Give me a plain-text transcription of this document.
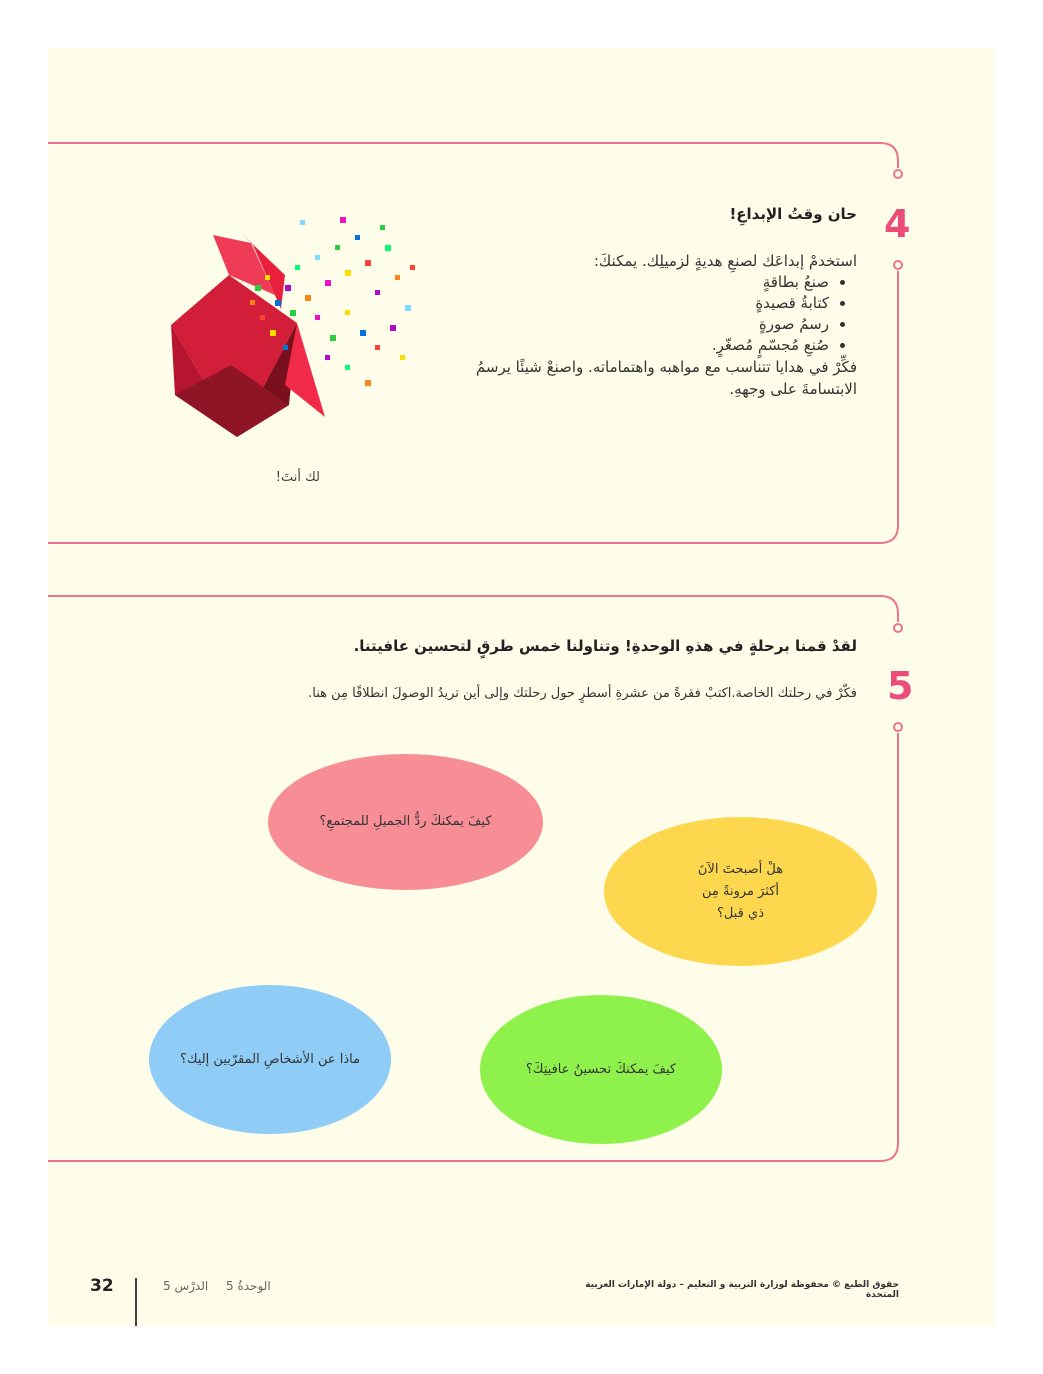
4
حان وقتُ الإبداعِ!
استخدمْ إبداعَك لصنعِ هديةٍ لزميلِك. يمكنكَ:
• صنعُ بطاقةٍ
• كتابةُ قصيدةٍ
• رسمُ صورةٍ
• صُنعِ مُجسّمٍ مُصغّرٍ.
فكِّرْ في هدايا تتناسب مع مواهبه واهتماماته. واصنعْ شيئًا يرسمُ الابتسامةَ على وجههِ.
لك أنتَ!
5
لقدْ قمنا برحلةٍ في هذهِ الوحدةِ! وتناولنا خمس طرقٍ لتحسين عافيتنا.
فكّرْ في رحلتك الخاصة.اكتبْ فقرةً من عشرةِ أسطرٍ حول رحلتك وإلى أين تريدُ الوصولَ انطلاقًا مِن هنا.
كيفَ يمكنكَ ردُّ الجميلِ للمجتمعِ؟
هلْ أصبحتَ الآنَ أكثرَ مرونةً مِن ذي قبل؟
ماذا عن الأشخاصِ المقرّبين إليك؟
كيفَ يمكنكَ تحسينُ عافيتِكَ؟
حقوق الطبع © محفوظة لوزارة التربية و التعليم – دولة الإمارات العربية المتحدة
الوحدةُ 5
الدرْس 5
32
